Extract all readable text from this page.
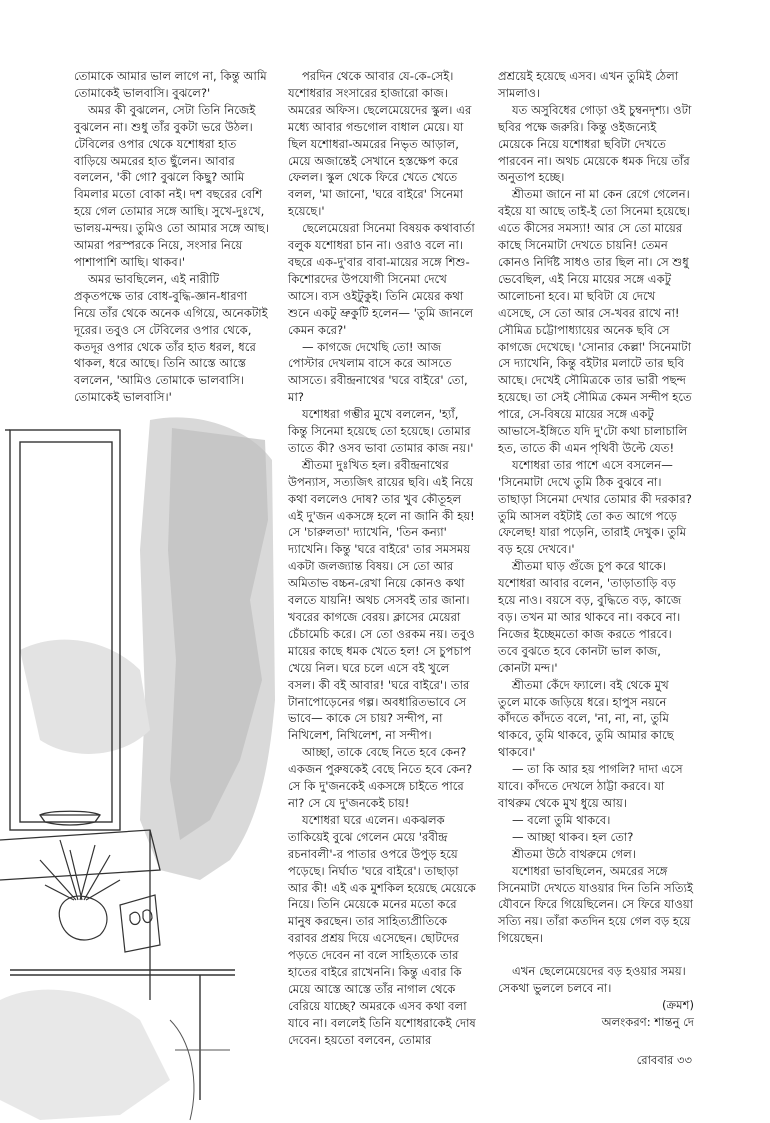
তোমাকে আমার ভাল লাগে না, কিন্তু আমি তোমাকেই ভালবাসি। বুঝলে?'

অমর কী বুঝলেন, সেটা তিনি নিজেই বুঝলেন না। শুধু তাঁর বুকটা ভরে উঠল। টেবিলের ওপার থেকে যশোধরা হাত বাড়িয়ে অমরের হাত ছুঁলেন। আবার বললেন, 'কী গো? বুঝলে কিছু? আমি বিমলার মতো বোকা নই। দশ বছরের বেশি হয়ে গেল তোমার সঙ্গে আছি। সুখে-দুঃখে, ভালয়-মন্দয়। তুমিও তো আমার সঙ্গে আছ। আমরা পরস্পরকে নিয়ে, সংসার নিয়ে পাশাপাশি আছি। থাকব।'

অমর ভাবছিলেন, এই নারীটি প্রকৃতপক্ষে তার বোধ-বুদ্ধি-জ্ঞান-ধারণা নিয়ে তাঁর থেকে অনেক এগিয়ে, অনেকটাই দূরের। তবুও সে টেবিলের ওপার থেকে, কতদূর ওপার থেকে তাঁর হাত ধরল, ধরে থাকল, ধরে আছে। তিনি আস্তে আস্তে বললেন, 'আমিও তোমাকে ভালবাসি। তোমাকেই ভালবাসি।'

পরদিন থেকে আবার যে-কে-সেই। যশোধরার সংসারের হাজারো কাজ। অমরের অফিস। ছেলেমেয়েদের স্কুল। এর মধ্যে আবার গন্ডগোল বাধাল মেয়ে। যা ছিল যশোধরা-অমরের নিভৃত আড়াল, মেয়ে অজান্তেই সেখানে হস্তক্ষেপ করে ফেলল। স্কুল থেকে ফিরে খেতে খেতে বলল, 'মা জানো, 'ঘরে বাইরে' সিনেমা হয়েছে।'

ছেলেমেয়েরা সিনেমা বিষয়ক কথাবার্তা বলুক যশোধরা চান না। ওরাও বলে না। বছরে এক-দু'বার বাবা-মায়ের সঙ্গে শিশু-কিশোরদের উপযোগী সিনেমা দেখে আসে। ব্যস ওইটুকুই। তিনি মেয়ের কথা শুনে একটু ভ্রুকুটি হলেন— 'তুমি জানলে কেমন করে?'

— কাগজে দেখেছি তো! আজ পোস্টার দেখলাম বাসে করে আসতে আসতে। রবীন্দ্রনাথের 'ঘরে বাইরে' তো, মা?

যশোধরা গম্ভীর মুখে বললেন, 'হ্যাঁ, কিন্তু সিনেমা হয়েছে তো হয়েছে। তোমার তাতে কী? ওসব ভাবা তোমার কাজ নয়।'

শ্রীতমা দুঃখিত হল। রবীন্দ্রনাথের উপন্যাস, সত্যজিৎ রায়ের ছবি। এই নিয়ে কথা বললেও দোষ? তার খুব কৌতূহল এই দু'জন একসঙ্গে হলে না জানি কী হয়! সে 'চারুলতা' দ্যাখেনি, 'তিন কন্যা' দ্যাখেনি। কিন্তু 'ঘরে বাইরে' তার সমসময় একটা জলজ্যান্ত বিষয়। সে তো আর অমিতাভ বচ্চন-রেখা নিয়ে কোনও কথা বলতে যায়নি! অথচ সেসবই তার জানা। খবরের কাগজে বেরয়। ক্লাসের মেয়েরা চেঁচামেচি করে। সে তো ওরকম নয়। তবুও মায়ের কাছে ধমক খেতে হল! সে চুপচাপ খেয়ে নিল। ঘরে চলে এসে বই খুলে বসল। কী বই আবার! 'ঘরে বাইরে'। তার টানাপোড়েনের গল্প। অবধারিতভাবে সে ভাবে— কাকে সে চায়? সন্দীপ, না নিখিলেশ, নিখিলেশ, না সন্দীপ।

আচ্ছা, তাকে বেছে নিতে হবে কেন? একজন পুরুষকেই বেছে নিতে হবে কেন? সে কি দু'জনকেই একসঙ্গে চাইতে পারে না? সে যে দু'জনকেই চায়!

যশোধরা ঘরে এলেন। একঝলক তাকিয়েই বুঝে গেলেন মেয়ে 'রবীন্দ্র রচনাবলী'-র পাতার ওপরে উপুড় হয়ে পড়েছে। নির্ঘাত 'ঘরে বাইরে'। তাছাড়া আর কী! এই এক মুশকিল হয়েছে মেয়েকে নিয়ে। তিনি মেয়েকে মনের মতো করে মানুষ করছেন। তার সাহিত্যপ্রীতিকে বরাবর প্রশ্রয় দিয়ে এসেছেন। ছোটদের পড়তে দেবেন না বলে সাহিত্যকে তার হাতের বাইরে রাখেননি। কিন্তু এবার কি মেয়ে আস্তে আস্তে তাঁর নাগাল থেকে বেরিয়ে যাচ্ছে? অমরকে এসব কথা বলা যাবে না। বললেই তিনি যশোধরাকেই দোষ দেবেন। হয়তো বলবেন, তোমার

প্রশ্রয়েই হয়েছে এসব। এখন তুমিই ঠেলা সামলাও।

যত অসুবিধের গোড়া ওই চুম্বনদৃশ্য। ওটা ছবির পক্ষে জরুরি। কিন্তু ওইজন্যেই মেয়েকে নিয়ে যশোধরা ছবিটা দেখতে পারবেন না। অথচ মেয়েকে ধমক দিয়ে তাঁর অনুতাপ হচ্ছে।

শ্রীতমা জানে না মা কেন রেগে গেলেন। বইয়ে যা আছে তাই-ই তো সিনেমা হয়েছে। এতে কীসের সমস্যা! আর সে তো মায়ের কাছে সিনেমাটা দেখতে চায়নি! তেমন কোনও নির্দিষ্ট সাধও তার ছিল না। সে শুধু ভেবেছিল, এই নিয়ে মায়ের সঙ্গে একটু আলোচনা হবে। মা ছবিটা যে দেখে এসেছে, সে তো আর সে-খবর রাখে না! সৌমিত্র চট্টোপাধ্যায়ের অনেক ছবি সে কাগজে দেখেছে। 'সোনার কেল্লা' সিনেমাটা সে দ্যাখেনি, কিন্তু বইটার মলাটে তার ছবি আছে। দেখেই সৌমিত্রকে তার ভারী পছন্দ হয়েছে। তা সেই সৌমিত্র কেমন সন্দীপ হতে পারে, সে-বিষয়ে মায়ের সঙ্গে একটু আভাসে-ইঙ্গিতে যদি দু'টো কথা চালাচালি হত, তাতে কী এমন পৃথিবী উল্টে যেত!

যশোধরা তার পাশে এসে বসলেন— 'সিনেমাটা দেখে তুমি ঠিক বুঝবে না। তাছাড়া সিনেমা দেখার তোমার কী দরকার? তুমি আসল বইটাই তো কত আগে পড়ে ফেলেছ! যারা পড়েনি, তারাই দেখুক। তুমি বড় হয়ে দেখবে।'

শ্রীতমা ঘাড় গুঁজে চুপ করে থাকে। যশোধরা আবার বলেন, 'তাড়াতাড়ি বড় হয়ে নাও। বয়সে বড়, বুদ্ধিতে বড়, কাজে বড়। তখন মা আর থাকবে না। বকবে না। নিজের ইচ্ছেমতো কাজ করতে পারবে। তবে বুঝতে হবে কোনটা ভাল কাজ, কোনটা মন্দ।'

শ্রীতমা কেঁদে ফ্যালে। বই থেকে মুখ তুলে মাকে জড়িয়ে ধরে। হাপুস নয়নে কাঁদতে কাঁদতে বলে, 'না, না, না, তুমি থাকবে, তুমি থাকবে, তুমি আমার কাছে থাকবে।'

— তা কি আর হয় পাগলি? দাদা এসে যাবে। কাঁদতে দেখলে ঠাট্টা করবে। যা বাথরুম থেকে মুখ ধুয়ে আয়।

— বলো তুমি থাকবে।

— আচ্ছা থাকব। হল তো?

শ্রীতমা উঠে বাথরুমে গেল।

যশোধরা ভাবছিলেন, অমরের সঙ্গে সিনেমাটা দেখতে যাওয়ার দিন তিনি সত্যিই যৌবনে ফিরে গিয়েছিলেন। সে ফিরে যাওয়া সত্যি নয়। তাঁরা কতদিন হয়ে গেল বড় হয়ে গিয়েছেন।

এখন ছেলেমেয়েদের বড় হওয়ার সময়। সেকথা ভুললে চলবে না।

(ক্রমশ)

অলংকরণ: শান্তনু দে

রোববার ৩৩
